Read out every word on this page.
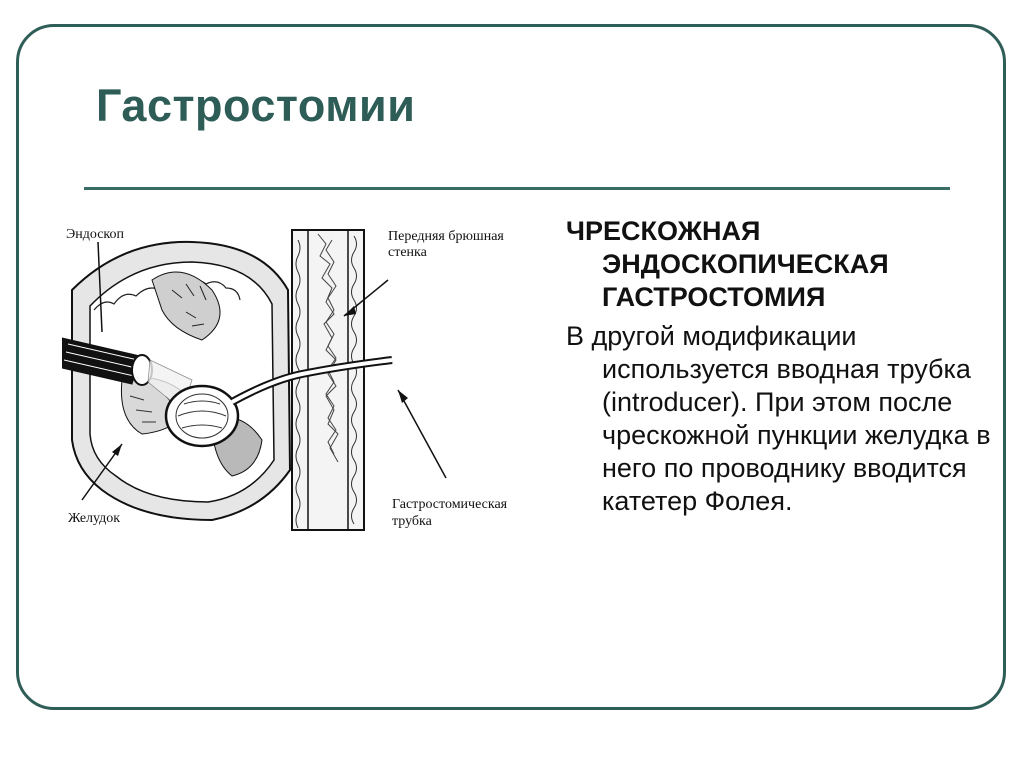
Гастростомии
Эндоскоп	Передняя брюшная
стенка
Желудок
Гастростомическая
трубка

ЧРЕСКОЖНАЯ ЭНДОСКОПИЧЕСКАЯ ГАСТРОСТОМИЯ

В другой модификации используется вводная трубка (introducer). При этом после чрескожной пункции желудка в него по проводнику вводится катетер Фолея.
